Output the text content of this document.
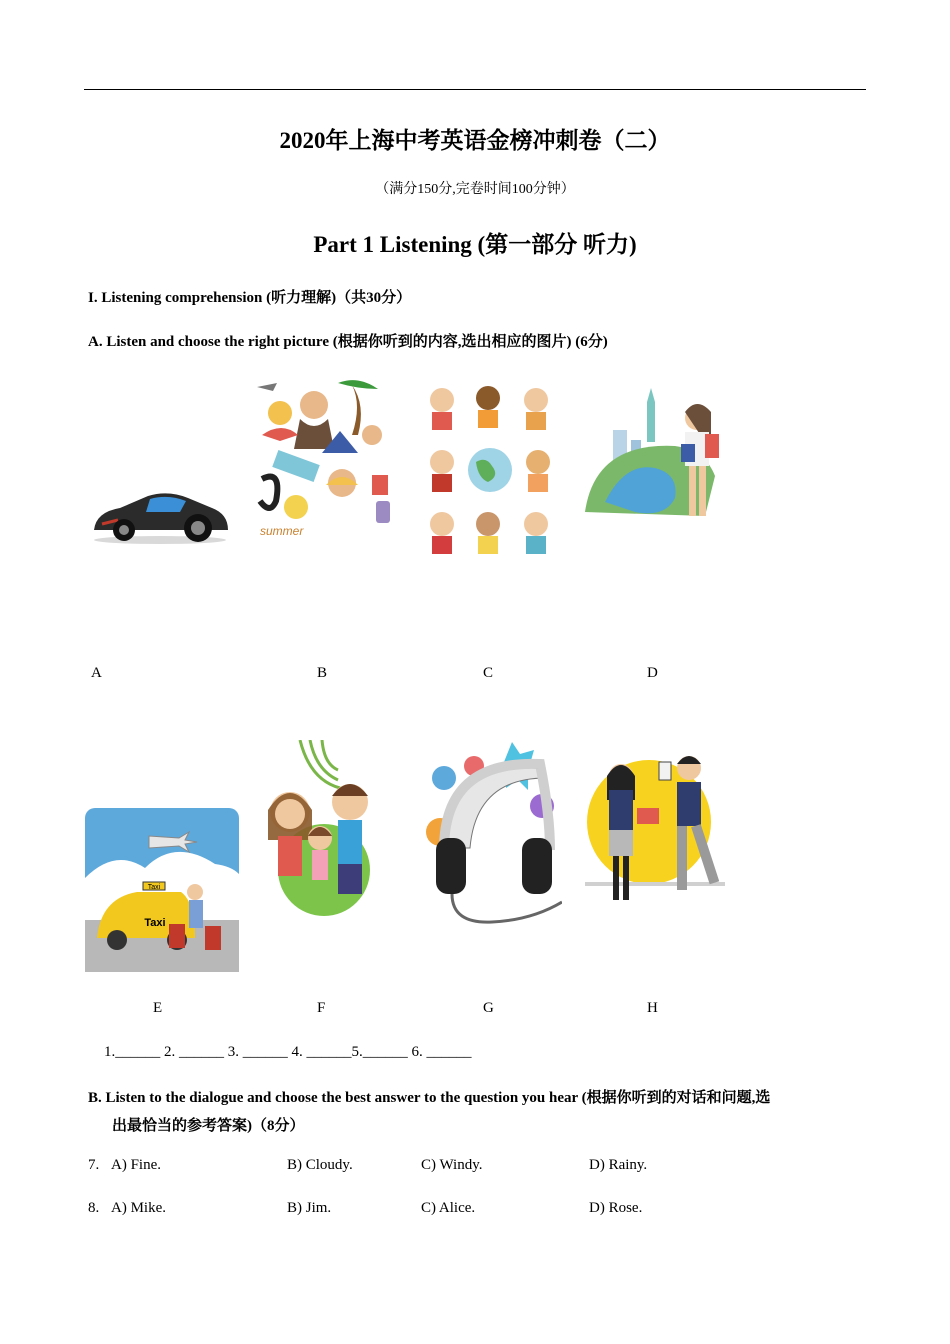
2020年上海中考英语金榜冲刺卷（二）
（满分150分,完卷时间100分钟）
Part 1 Listening (第一部分 听力)
I. Listening comprehension (听力理解)（共30分）
A. Listen and choose the right picture (根据你听到的内容,选出相应的图片) (6分)
summer
A	B	C	D
Taxi
Taxi
E	F	G	H
1.______ 2. ______ 3. ______ 4. ______5.______ 6. ______
B. Listen to the dialogue and choose the best answer to the question you hear (根据你听到的对话和问题,选
出最恰当的参考答案)（8分）
7. A) Fine.	B) Cloudy.	C) Windy.	D) Rainy.
8. A) Mike.	B) Jim.	C) Alice.	D) Rose.
